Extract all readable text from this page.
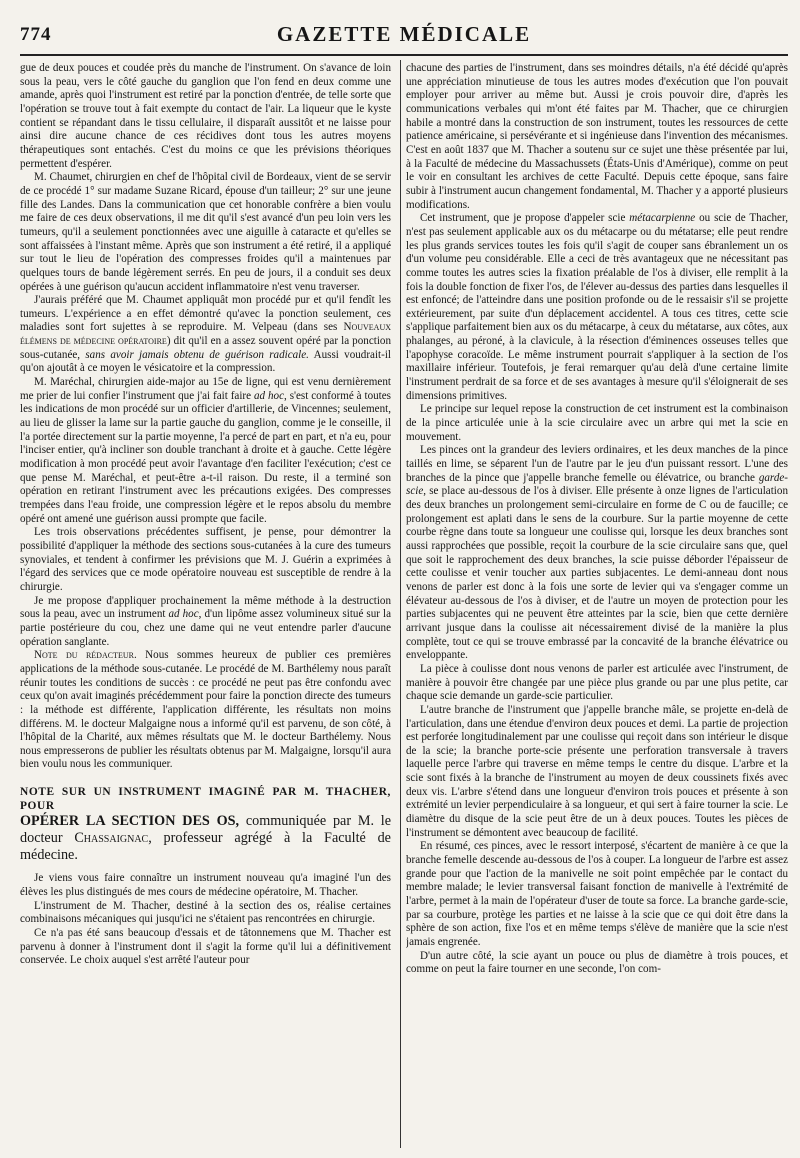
774	GAZETTE MÉDICALE

gue de deux pouces et coudée près du manche de l'instrument. On s'avance de loin sous la peau, vers le côté gauche du ganglion que l'on fend en deux comme une amande, après quoi l'instrument est retiré par la ponction d'entrée, de telle sorte que l'opération se trouve tout à fait exempte du contact de l'air. La liqueur que le kyste contient se répandant dans le tissu cellulaire, il disparaît aussitôt et ne laisse pour ainsi dire aucune chance de ces récidives dont tous les autres moyens thérapeutiques sont entachés. C'est du moins ce que les prévisions théoriques permettent d'espérer.

M. Chaumet, chirurgien en chef de l'hôpital civil de Bordeaux, vient de se servir de ce procédé 1° sur madame Suzane Ricard, épouse d'un tailleur; 2° sur une jeune fille des Landes. Dans la communication que cet honorable confrère a bien voulu me faire de ces deux observations, il me dit qu'il s'est avancé d'un peu loin vers les tumeurs, qu'il a seulement ponctionnées avec une aiguille à cataracte et qu'elles se sont affaissées à l'instant même. Après que son instrument a été retiré, il a appliqué sur tout le lieu de l'opération des compresses froides qu'il a maintenues par quelques tours de bande légèrement serrés. En peu de jours, il a conduit ses deux opérées à une guérison qu'aucun accident inflammatoire n'est venu traverser.

J'aurais préféré que M. Chaumet appliquât mon procédé pur et qu'il fendît les tumeurs. L'expérience a en effet démontré qu'avec la ponction seulement, ces maladies sont fort sujettes à se reproduire. M. Velpeau (dans ses Nouveaux élémens de médecine opératoire) dit qu'il en a assez souvent opéré par la ponction sous-cutanée, sans avoir jamais obtenu de guérison radicale. Aussi voudrait-il qu'on ajoutât à ce moyen le vésicatoire et la compression.

M. Maréchal, chirurgien aide-major au 15e de ligne, qui est venu dernièrement me prier de lui confier l'instrument que j'ai fait faire ad hoc, s'est conformé à toutes les indications de mon procédé sur un officier d'artillerie, de Vincennes; seulement, au lieu de glisser la lame sur la partie gauche du ganglion, comme je le conseille, il l'a portée directement sur la partie moyenne, l'a percé de part en part, et n'a eu, pour l'inciser entier, qu'à incliner son double tranchant à droite et à gauche. Cette légère modification à mon procédé peut avoir l'avantage d'en faciliter l'exécution; c'est ce que pense M. Maréchal, et peut-être a-t-il raison. Du reste, il a terminé son opération en retirant l'instrument avec les précautions exigées. Des compresses trempées dans l'eau froide, une compression légère et le repos absolu du membre opéré ont amené une guérison aussi prompte que facile.

Les trois observations précédentes suffisent, je pense, pour démontrer la possibilité d'appliquer la méthode des sections sous-cutanées à la cure des tumeurs synoviales, et tendent à confirmer les prévisions que M. J. Guérin a exprimées à l'égard des services que ce mode opératoire nouveau est susceptible de rendre à la chirurgie.

Je me propose d'appliquer prochainement la même méthode à la destruction sous la peau, avec un instrument ad hoc, d'un lipôme assez volumineux situé sur la partie postérieure du cou, chez une dame qui ne veut entendre parler d'aucune opération sanglante.

Note du rédacteur. Nous sommes heureux de publier ces premières applications de la méthode sous-cutanée. Le procédé de M. Barthélemy nous paraît réunir toutes les conditions de succès : ce procédé ne peut pas être confondu avec ceux qu'on avait imaginés précédemment pour faire la ponction directe des tumeurs : la méthode est différente, l'application différente, les résultats non moins différens. M. le docteur Malgaigne nous a informé qu'il est parvenu, de son côté, à l'hôpital de la Charité, aux mêmes résultats que M. le docteur Barthélemy. Nous nous empresserons de publier les résultats obtenus par M. Malgaigne, lorsqu'il aura bien voulu nous les communiquer.

NOTE SUR UN INSTRUMENT IMAGINÉ PAR M. THACHER, POUR

OPÉRER LA SECTION DES OS, communiquée par M. le docteur Chassaignac, professeur agrégé à la Faculté de médecine.

Je viens vous faire connaître un instrument nouveau qu'a imaginé l'un des élèves les plus distingués de mes cours de médecine opératoire, M. Thacher.

L'instrument de M. Thacher, destiné à la section des os, réalise certaines combinaisons mécaniques qui jusqu'ici ne s'étaient pas rencontrées en chirurgie.

Ce n'a pas été sans beaucoup d'essais et de tâtonnemens que M. Thacher est parvenu à donner à l'instrument dont il s'agit la forme qu'il lui a définitivement conservée. Le choix auquel s'est arrêté l'auteur pour

chacune des parties de l'instrument, dans ses moindres détails, n'a été décidé qu'après une appréciation minutieuse de tous les autres modes d'exécution que l'on pouvait employer pour arriver au même but. Aussi je crois pouvoir dire, d'après les communications verbales qui m'ont été faites par M. Thacher, que ce chirurgien habile a montré dans la construction de son instrument, toutes les ressources de cette patience américaine, si persévérante et si ingénieuse dans l'invention des mécanismes. C'est en août 1837 que M. Thacher a soutenu sur ce sujet une thèse présentée par lui, à la Faculté de médecine du Massachussets (États-Unis d'Amérique), comme on peut le voir en consultant les archives de cette Faculté. Depuis cette époque, sans faire subir à l'instrument aucun changement fondamental, M. Thacher y a apporté plusieurs modifications.

Cet instrument, que je propose d'appeler scie métacarpienne ou scie de Thacher, n'est pas seulement applicable aux os du métacarpe ou du métatarse; elle peut rendre les plus grands services toutes les fois qu'il s'agit de couper sans ébranlement un os d'un volume peu considérable. Elle a ceci de très avantageux que ne nécessitant pas comme toutes les autres scies la fixation préalable de l'os à diviser, elle remplit à la fois la double fonction de fixer l'os, de l'élever au-dessus des parties dans lesquelles il est enfoncé; de l'atteindre dans une position profonde ou de le ressaisir s'il se projette extérieurement, par suite d'un déplacement accidentel. A tous ces titres, cette scie s'applique parfaitement bien aux os du métacarpe, à ceux du métatarse, aux côtes, aux phalanges, au péroné, à la clavicule, à la résection d'éminences osseuses telles que l'apophyse coracoïde. Le même instrument pourrait s'appliquer à la section de l'os maxillaire inférieur. Toutefois, je ferai remarquer qu'au delà d'une certaine limite l'instrument perdrait de sa force et de ses avantages à mesure qu'il s'éloignerait de ses dimensions primitives.

Le principe sur lequel repose la construction de cet instrument est la combinaison de la pince articulée unie à la scie circulaire avec un arbre qui met la scie en mouvement.

Les pinces ont la grandeur des leviers ordinaires, et les deux manches de la pince taillés en lime, se séparent l'un de l'autre par le jeu d'un puissant ressort. L'une des branches de la pince que j'appelle branche femelle ou élévatrice, ou branche garde-scie, se place au-dessous de l'os à diviser. Elle présente à onze lignes de l'articulation des deux branches un prolongement semi-circulaire en forme de C ou de faucille; ce prolongement est aplati dans le sens de la courbure. Sur la partie moyenne de cette courbe règne dans toute sa longueur une coulisse qui, lorsque les deux branches sont aussi rapprochées que possible, reçoit la courbure de la scie circulaire sans que, quel que soit le rapprochement des deux branches, la scie puisse déborder l'épaisseur de cette coulisse et venir toucher aux parties subjacentes. Le demi-anneau dont nous venons de parler est donc à la fois une sorte de levier qui va s'engager comme un élévateur au-dessous de l'os à diviser, et de l'autre un moyen de protection pour les parties subjacentes qui ne peuvent être atteintes par la scie, bien que cette dernière arrivant jusque dans la coulisse ait nécessairement divisé de la manière la plus complète, tout ce qui se trouve embrassé par la concavité de la branche élévatrice ou enveloppante.

La pièce à coulisse dont nous venons de parler est articulée avec l'instrument, de manière à pouvoir être changée par une pièce plus grande ou par une plus petite, car chaque scie demande un garde-scie particulier.

L'autre branche de l'instrument que j'appelle branche mâle, se projette en-delà de l'articulation, dans une étendue d'environ deux pouces et demi. La partie de projection est perforée longitudinalement par une coulisse qui reçoit dans son intérieur le disque de la scie; la branche porte-scie présente une perforation transversale à travers laquelle perce l'arbre qui traverse en même temps le centre du disque. L'arbre et la scie sont fixés à la branche de l'instrument au moyen de deux coussinets fixés avec deux vis. L'arbre s'étend dans une longueur d'environ trois pouces et présente à son extrémité un levier perpendiculaire à sa longueur, et qui sert à faire tourner la scie. Le diamètre du disque de la scie peut être de un à deux pouces. Toutes les pièces de l'instrument se démontent avec beaucoup de facilité.

En résumé, ces pinces, avec le ressort interposé, s'écartent de manière à ce que la branche femelle descende au-dessous de l'os à couper. La longueur de l'arbre est assez grande pour que l'action de la manivelle ne soit point empêchée par le contact du membre malade; le levier transversal faisant fonction de manivelle à l'extrémité de l'arbre, permet à la main de l'opérateur d'user de toute sa force. La branche garde-scie, par sa courbure, protège les parties et ne laisse à la scie que ce qui doit être dans la sphère de son action, fixe l'os et en même temps s'élève de manière que la scie n'est jamais engrenée.

D'un autre côté, la scie ayant un pouce ou plus de diamètre à trois pouces, et comme on peut la faire tourner en une seconde, l'on com-
